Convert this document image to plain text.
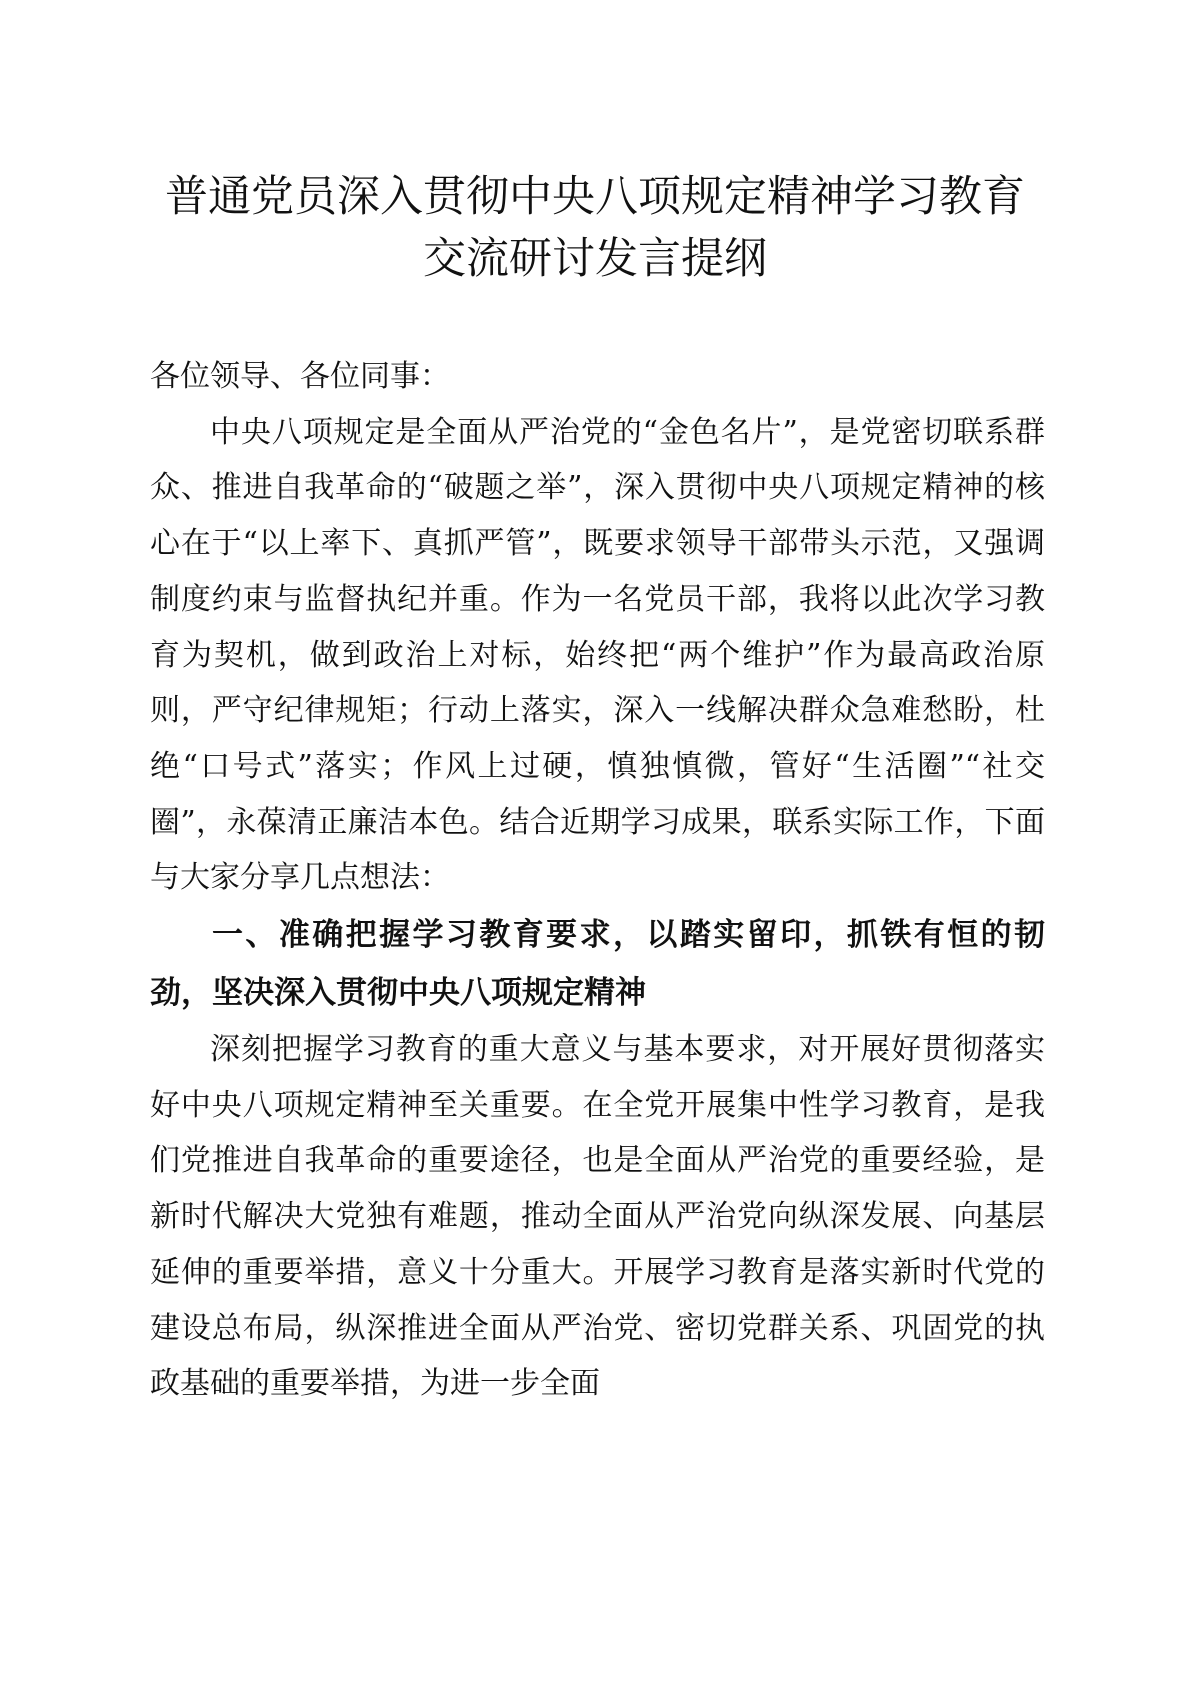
普通党员深入贯彻中央八项规定精神学习教育
交流研讨发言提纲

各位领导、各位同事：

中央八项规定是全面从严治党的“金色名片”，是党密切联系群众、推进自我革命的“破题之举”，深入贯彻中央八项规定精神的核心在于“以上率下、真抓严管”，既要求领导干部带头示范，又强调制度约束与监督执纪并重。作为一名党员干部，我将以此次学习教育为契机，做到政治上对标，始终把“两个维护”作为最高政治原则，严守纪律规矩；行动上落实，深入一线解决群众急难愁盼，杜绝“口号式”落实；作风上过硬，慎独慎微，管好“生活圈”“社交圈”，永葆清正廉洁本色。结合近期学习成果，联系实际工作，下面与大家分享几点想法：

一、准确把握学习教育要求，以踏实留印，抓铁有恒的韧劲，坚决深入贯彻中央八项规定精神

深刻把握学习教育的重大意义与基本要求，对开展好贯彻落实好中央八项规定精神至关重要。在全党开展集中性学习教育，是我们党推进自我革命的重要途径，也是全面从严治党的重要经验，是新时代解决大党独有难题，推动全面从严治党向纵深发展、向基层延伸的重要举措，意义十分重大。开展学习教育是落实新时代党的建设总布局，纵深推进全面从严治党、密切党群关系、巩固党的执政基础的重要举措，为进一步全面
